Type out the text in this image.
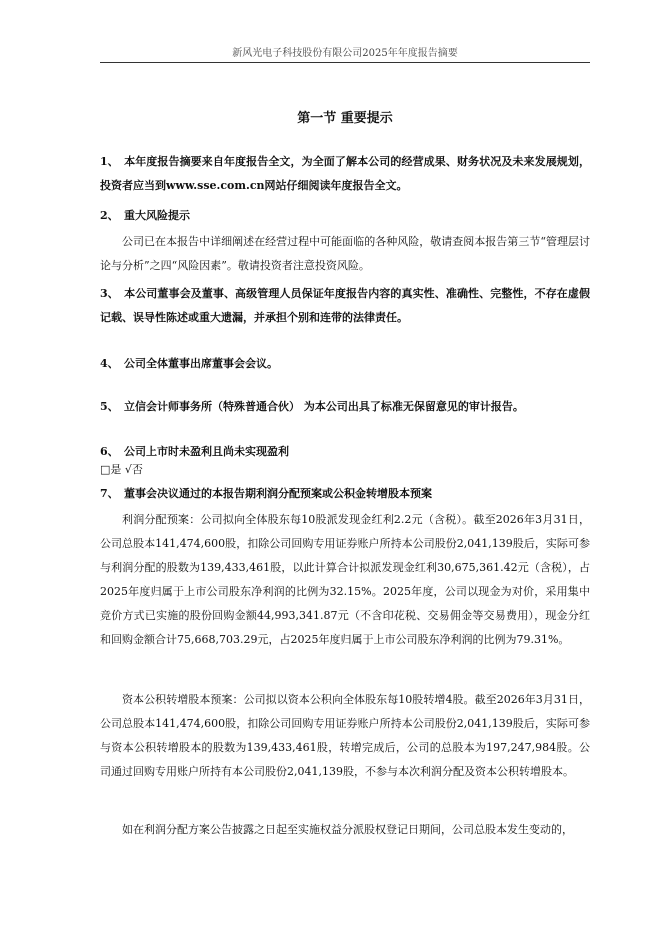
新风光电子科技股份有限公司2025年年度报告摘要
第一节 重要提示
1、 本年度报告摘要来自年度报告全文，为全面了解本公司的经营成果、财务状况及未来发展规划，投资者应当到www.sse.com.cn网站仔细阅读年度报告全文。
2、 重大风险提示

公司已在本报告中详细阐述在经营过程中可能面临的各种风险，敬请查阅本报告第三节“管理层讨论与分析”之四“风险因素”。敬请投资者注意投资风险。

3、 本公司董事会及董事、高级管理人员保证年度报告内容的真实性、准确性、完整性，不存在虚假记载、误导性陈述或重大遗漏，并承担个别和连带的法律责任。
4、 公司全体董事出席董事会会议。
5、 立信会计师事务所（特殊普通合伙） 为本公司出具了标准无保留意见的审计报告。
6、 公司上市时未盈利且尚未实现盈利
□是 √否
7、 董事会决议通过的本报告期利润分配预案或公积金转增股本预案

利润分配预案：公司拟向全体股东每10股派发现金红利2.2元（含税）。截至2026年3月31日，公司总股本141,474,600股，扣除公司回购专用证券账户所持本公司股份2,041,139股后，实际可参与利润分配的股数为139,433,461股，以此计算合计拟派发现金红利30,675,361.42元（含税），占2025年度归属于上市公司股东净利润的比例为32.15%。2025年度，公司以现金为对价，采用集中竞价方式已实施的股份回购金额44,993,341.87元（不含印花税、交易佣金等交易费用），现金分红和回购金额合计75,668,703.29元，占2025年度归属于上市公司股东净利润的比例为79.31%。

资本公积转增股本预案：公司拟以资本公积向全体股东每10股转增4股。截至2026年3月31日，公司总股本141,474,600股，扣除公司回购专用证券账户所持本公司股份2,041,139股后，实际可参与资本公积转增股本的股数为139,433,461股，转增完成后，公司的总股本为197,247,984股。公司通过回购专用账户所持有本公司股份2,041,139股，不参与本次利润分配及资本公积转增股本。

如在利润分配方案公告披露之日起至实施权益分派股权登记日期间，公司总股本发生变动的，
